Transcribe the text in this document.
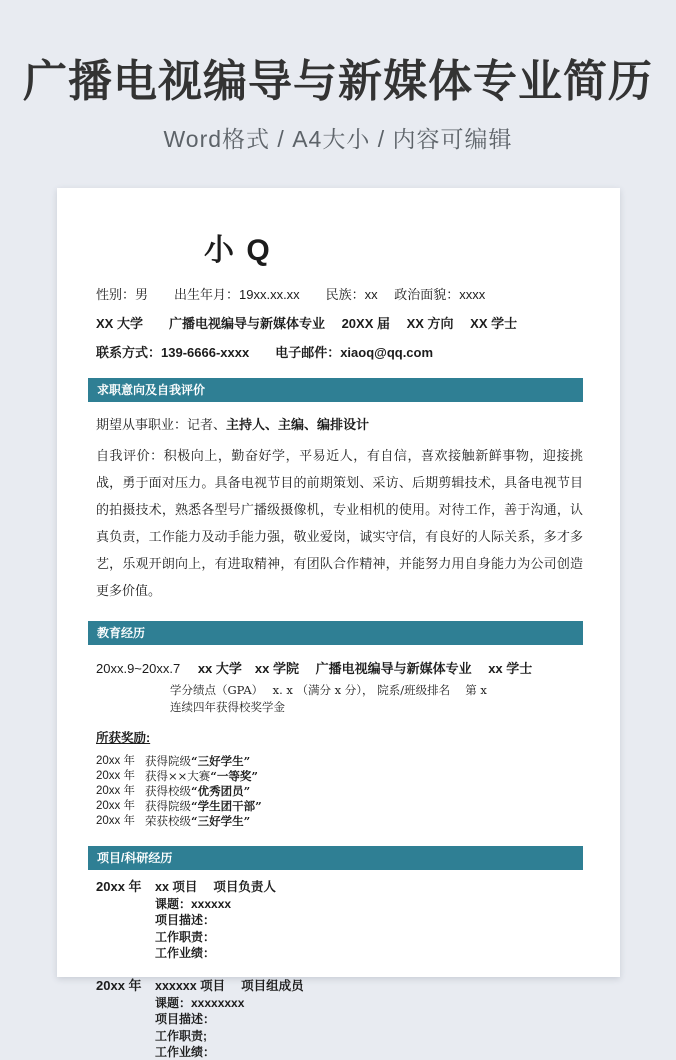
广播电视编导与新媒体专业简历
Word格式 / A4大小 / 内容可编辑
小 Q
性别：男　　出生年月：19xx.xx.xx　　民族：xx　 政治面貌：xxxx
XX 大学　　广播电视编导与新媒体专业　 20XX 届　 XX 方向　 XX 学士
联系方式：139-6666-xxxx　　电子邮件：xiaoq@qq.com
求职意向及自我评价
期望从事职业：记者、主持人、主编、编排设计
自我评价：积极向上，勤奋好学，平易近人，有自信，喜欢接触新鲜事物，迎接挑战，勇于面对压力。具备电视节目的前期策划、采访、后期剪辑技术，具备电视节目的拍摄技术，熟悉各型号广播级摄像机，专业相机的使用。对待工作，善于沟通，认真负责，工作能力及动手能力强，敬业爱岗，诚实守信，有良好的人际关系，多才多艺，乐观开朗向上，有进取精神，有团队合作精神，并能努力用自身能力为公司创造更多价值。
教育经历
20xx.9~20xx.7 xx 大学　xx 学院　 广播电视编导与新媒体专业　 xx 学士
学分绩点（GPA）　 x. x （满分 x 分）， 院系/班级排名　 第 x
连续四年获得校奖学金
所获奖励:
20xx 年 获得院级“三好学生”
20xx 年 获得××大赛“一等奖”
20xx 年 获得校级“优秀团员”
20xx 年 获得院级“学生团干部”
20xx 年 荣获校级“三好学生”
项目/科研经历
20xx 年	xx 项目　 项目负责人
课题：xxxxxx
项目描述：
工作职责：
工作业绩：
20xx 年	xxxxxx 项目　 项目组成员
课题：xxxxxxxx
项目描述：
工作职责;
工作业绩：
